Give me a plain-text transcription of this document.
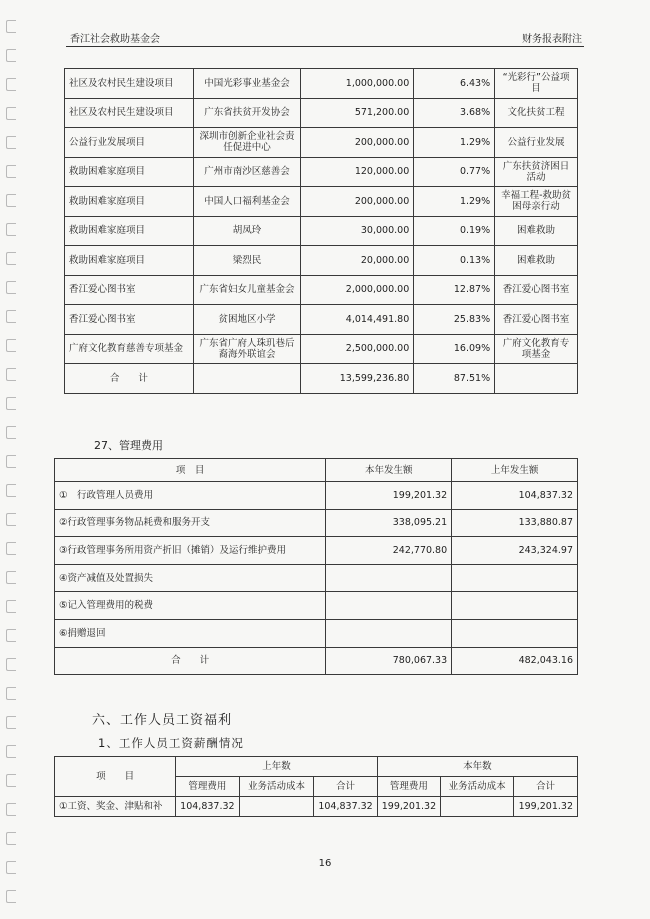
香江社会救助基金会	财务报表附注
社区及农村民生建设项目	中国光彩事业基金会	1,000,000.00	6.43%	“光彩行”公益项目
社区及农村民生建设项目	广东省扶贫开发协会	571,200.00	3.68%	文化扶贫工程
公益行业发展项目	深圳市创新企业社会责任促进中心	200,000.00	1.29%	公益行业发展
救助困难家庭项目	广州市南沙区慈善会	120,000.00	0.77%	广东扶贫济困日活动
救助困难家庭项目	中国人口福利基金会	200,000.00	1.29%	幸福工程-救助贫困母亲行动
救助困难家庭项目	胡凤玲	30,000.00	0.19%	困难救助
救助困难家庭项目	梁烈民	20,000.00	0.13%	困难救助
香江爱心图书室	广东省妇女儿童基金会	2,000,000.00	12.87%	香江爱心图书室
香江爱心图书室	贫困地区小学	4,014,491.80	25.83%	香江爱心图书室
广府文化教育慈善专项基金	广东省广府人珠玑巷后裔海外联谊会	2,500,000.00	16.09%	广府文化教育专项基金
合　　计		13,599,236.80	87.51%	
27、管理费用
项　目	本年发生额	上年发生额
①　行政管理人员费用	199,201.32	104,837.32
②行政管理事务物品耗费和服务开支	338,095.21	133,880.87
③行政管理事务所用资产折旧（摊销）及运行维护费用	242,770.80	243,324.97
④资产减值及处置损失		
⑤记入管理费用的税费		
⑥捐赠退回		
合　　计	780,067.33	482,043.16
六、工作人员工资福利
1、工作人员工资薪酬情况
项　　目	上年数			本年数		
	管理费用	业务活动成本	合计	管理费用	业务活动成本	合计
①工资、奖金、津贴和补	104,837.32		104,837.32	199,201.32		199,201.32
16
